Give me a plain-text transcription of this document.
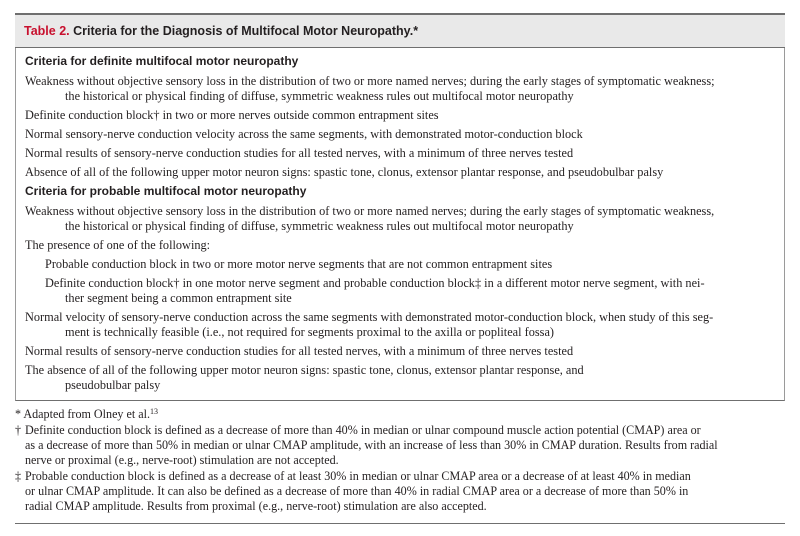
Table 2. Criteria for the Diagnosis of Multifocal Motor Neuropathy.*

Criteria for definite multifocal motor neuropathy

Weakness without objective sensory loss in the distribution of two or more named nerves; during the early stages of symptomatic weakness;

the historical or physical finding of diffuse, symmetric weakness rules out multifocal motor neuropathy

Definite conduction block† in two or more nerves outside common entrapment sites

Normal sensory-nerve conduction velocity across the same segments, with demonstrated motor-conduction block

Normal results of sensory-nerve conduction studies for all tested nerves, with a minimum of three nerves tested

Absence of all of the following upper motor neuron signs: spastic tone, clonus, extensor plantar response, and pseudobulbar palsy

Criteria for probable multifocal motor neuropathy

Weakness without objective sensory loss in the distribution of two or more named nerves; during the early stages of symptomatic weakness,

the historical or physical finding of diffuse, symmetric weakness rules out multifocal motor neuropathy

The presence of one of the following:

Probable conduction block in two or more motor nerve segments that are not common entrapment sites

Definite conduction block† in one motor nerve segment and probable conduction block‡ in a different motor nerve segment, with nei-

ther segment being a common entrapment site

Normal velocity of sensory-nerve conduction across the same segments with demonstrated motor-conduction block, when study of this seg-

ment is technically feasible (i.e., not required for segments proximal to the axilla or popliteal fossa)

Normal results of sensory-nerve conduction studies for all tested nerves, with a minimum of three nerves tested

The absence of all of the following upper motor neuron signs: spastic tone, clonus, extensor plantar response, and

pseudobulbar palsy

* Adapted from Olney et al.$^{13}$

† Definite conduction block is defined as a decrease of more than 40% in median or ulnar compound muscle action potential (CMAP) area or

as a decrease of more than 50% in median or ulnar CMAP amplitude, with an increase of less than 30% in CMAP duration. Results from radial

nerve or proximal (e.g., nerve-root) stimulation are not accepted.

‡ Probable conduction block is defined as a decrease of at least 30% in median or ulnar CMAP area or a decrease of at least 40% in median

or ulnar CMAP amplitude. It can also be defined as a decrease of more than 40% in radial CMAP area or a decrease of more than 50% in

radial CMAP amplitude. Results from proximal (e.g., nerve-root) stimulation are also accepted.
